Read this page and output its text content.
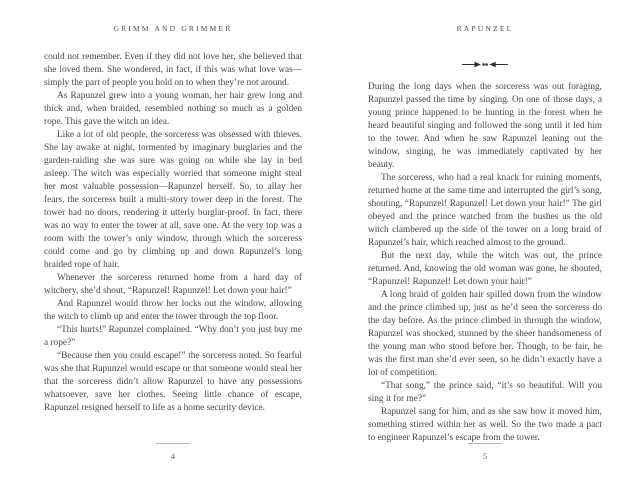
GRIMM AND GRIMMER

could not remember. Even if they did not love her, she believed that she loved them. She wondered, in fact, if this was what love was—simply the part of people you hold on to when they’re not around.

As Rapunzel grew into a young woman, her hair grew long and thick and, when braided, resembled nothing so much as a golden rope. This gave the witch an idea.

Like a lot of old people, the sorceress was obsessed with thieves. She lay awake at night, tormented by imaginary burglaries and the garden-raiding she was sure was going on while she lay in bed asleep. The witch was especially worried that someone might steal her most valuable possession—Rapunzel herself. So, to allay her fears, the sorceress built a multi-story tower deep in the forest. The tower had no doors, rendering it utterly burglar-proof. In fact, there was no way to enter the tower at all, save one. At the very top was a room with the tower’s only window, through which the sorceress could come and go by climbing up and down Rapunzel’s long braided rope of hair.

Whenever the sorceress returned home from a hard day of witchery, she’d shout, “Rapunzel! Rapunzel! Let down your hair!”

And Rapunzel would throw her locks out the window, allowing the witch to climb up and enter the tower through the top floor.

“This hurts!” Rapunzel complained. “Why don’t you just buy me a rope?”

“Because then you could escape!” the sorceress noted. So fearful was she that Rapunzel would escape or that someone would steal her that the sorceress didn’t allow Rapunzel to have any possessions whatsoever, save her clothes. Seeing little chance of escape, Rapunzel resigned herself to life as a home security device.

4
RAPUNZEL

During the long days when the sorceress was out foraging, Rapunzel passed the time by singing. On one of those days, a young prince happened to be hunting in the forest when he heard beautiful singing and followed the song until it led him to the tower. And when he saw Rapunzel leaning out the window, singing, he was immediately captivated by her beauty.

The sorceress, who had a real knack for ruining moments, returned home at the same time and interrupted the girl’s song, shouting, “Rapunzel! Rapunzel! Let down your hair!” The girl obeyed and the prince watched from the bushes as the old witch clambered up the side of the tower on a long braid of Rapunzel’s hair, which reached almost to the ground.

But the next day, while the witch was out, the prince returned. And, knowing the old woman was gone, he shouted, “Rapunzel! Rapunzel! Let down your hair!”

A long braid of golden hair spilled down from the window and the prince climbed up, just as he’d seen the sorceress do the day before. As the prince climbed in through the window, Rapunzel was shocked, stunned by the sheer handsomeness of the young man who stood before her. Though, to be fair, he was the first man she’d ever seen, so he didn’t exactly have a lot of competition.

“That song,” the prince said, “it’s so beautiful. Will you sing it for me?”

Rapunzel sang for him, and as she saw how it moved him, something stirred within her as well. So the two made a pact to engineer Rapunzel’s escape from the tower.

5
